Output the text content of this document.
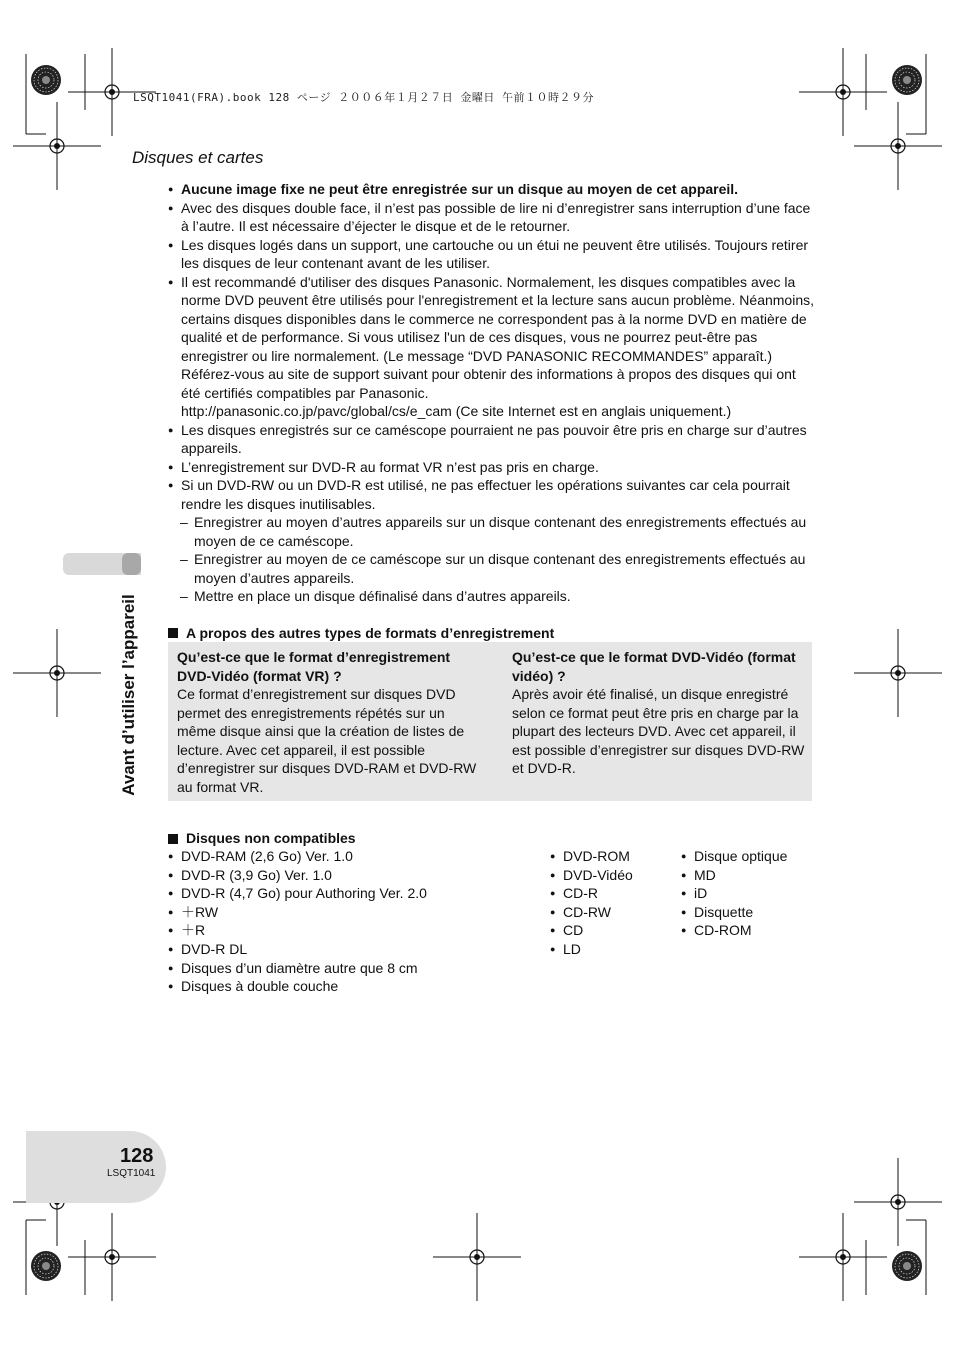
LSQT1041(FRA).book 128 ページ ２００６年１月２７日 金曜日 午前１０時２９分
Disques et cartes
● Aucune image fixe ne peut être enregistrée sur un disque au moyen de cet appareil.
● Avec des disques double face, il n’est pas possible de lire ni d’enregistrer sans interruption d’une face à l’autre. Il est nécessaire d’éjecter le disque et de le retourner.
● Les disques logés dans un support, une cartouche ou un étui ne peuvent être utilisés. Toujours retirer les disques de leur contenant avant de les utiliser.
● Il est recommandé d'utiliser des disques Panasonic. Normalement, les disques compatibles avec la norme DVD peuvent être utilisés pour l'enregistrement et la lecture sans aucun problème. Néanmoins, certains disques disponibles dans le commerce ne correspondent pas à la norme DVD en matière de qualité et de performance. Si vous utilisez l'un de ces disques, vous ne pourrez peut-être pas enregistrer ou lire normalement. (Le message “DVD PANASONIC RECOMMANDES” apparaît.) Référez-vous au site de support suivant pour obtenir des informations à propos des disques qui ont été certifiés compatibles par Panasonic.
http://panasonic.co.jp/pavc/global/cs/e_cam (Ce site Internet est en anglais uniquement.)
● Les disques enregistrés sur ce caméscope pourraient ne pas pouvoir être pris en charge sur d’autres appareils.
● L’enregistrement sur DVD-R au format VR n’est pas pris en charge.
● Si un DVD-RW ou un DVD-R est utilisé, ne pas effectuer les opérations suivantes car cela pourrait rendre les disques inutilisables.
– Enregistrer au moyen d’autres appareils sur un disque contenant des enregistrements effectués au moyen de ce caméscope.
– Enregistrer au moyen de ce caméscope sur un disque contenant des enregistrements effectués au moyen d’autres appareils.
– Mettre en place un disque définalisé dans d’autres appareils.
A propos des autres types de formats d’enregistrement
Qu’est-ce que le format d’enregistrement DVD-Vidéo (format VR) ?
Ce format d’enregistrement sur disques DVD permet des enregistrements répétés sur un même disque ainsi que la création de listes de lecture. Avec cet appareil, il est possible d’enregistrer sur disques DVD-RAM et DVD-RW au format VR.
Qu’est-ce que le format DVD-Vidéo (format vidéo) ?
Après avoir été finalisé, un disque enregistré selon ce format peut être pris en charge par la plupart des lecteurs DVD. Avec cet appareil, il est possible d’enregistrer sur disques DVD-RW et DVD-R.
Disques non compatibles
● DVD-RAM (2,6 Go) Ver. 1.0
● DVD-R (3,9 Go) Ver. 1.0
● DVD-R (4,7 Go) pour Authoring Ver. 2.0
● ＋RW
● ＋R
● DVD-R DL
● Disques d’un diamètre autre que 8 cm
● Disques à double couche
● DVD-ROM
● DVD-Vidéo
● CD-R
● CD-RW
● CD
● LD
● Disque optique
● MD
● iD
● Disquette
● CD-ROM
Avant d’utiliser l’appareil
128
LSQT1041
